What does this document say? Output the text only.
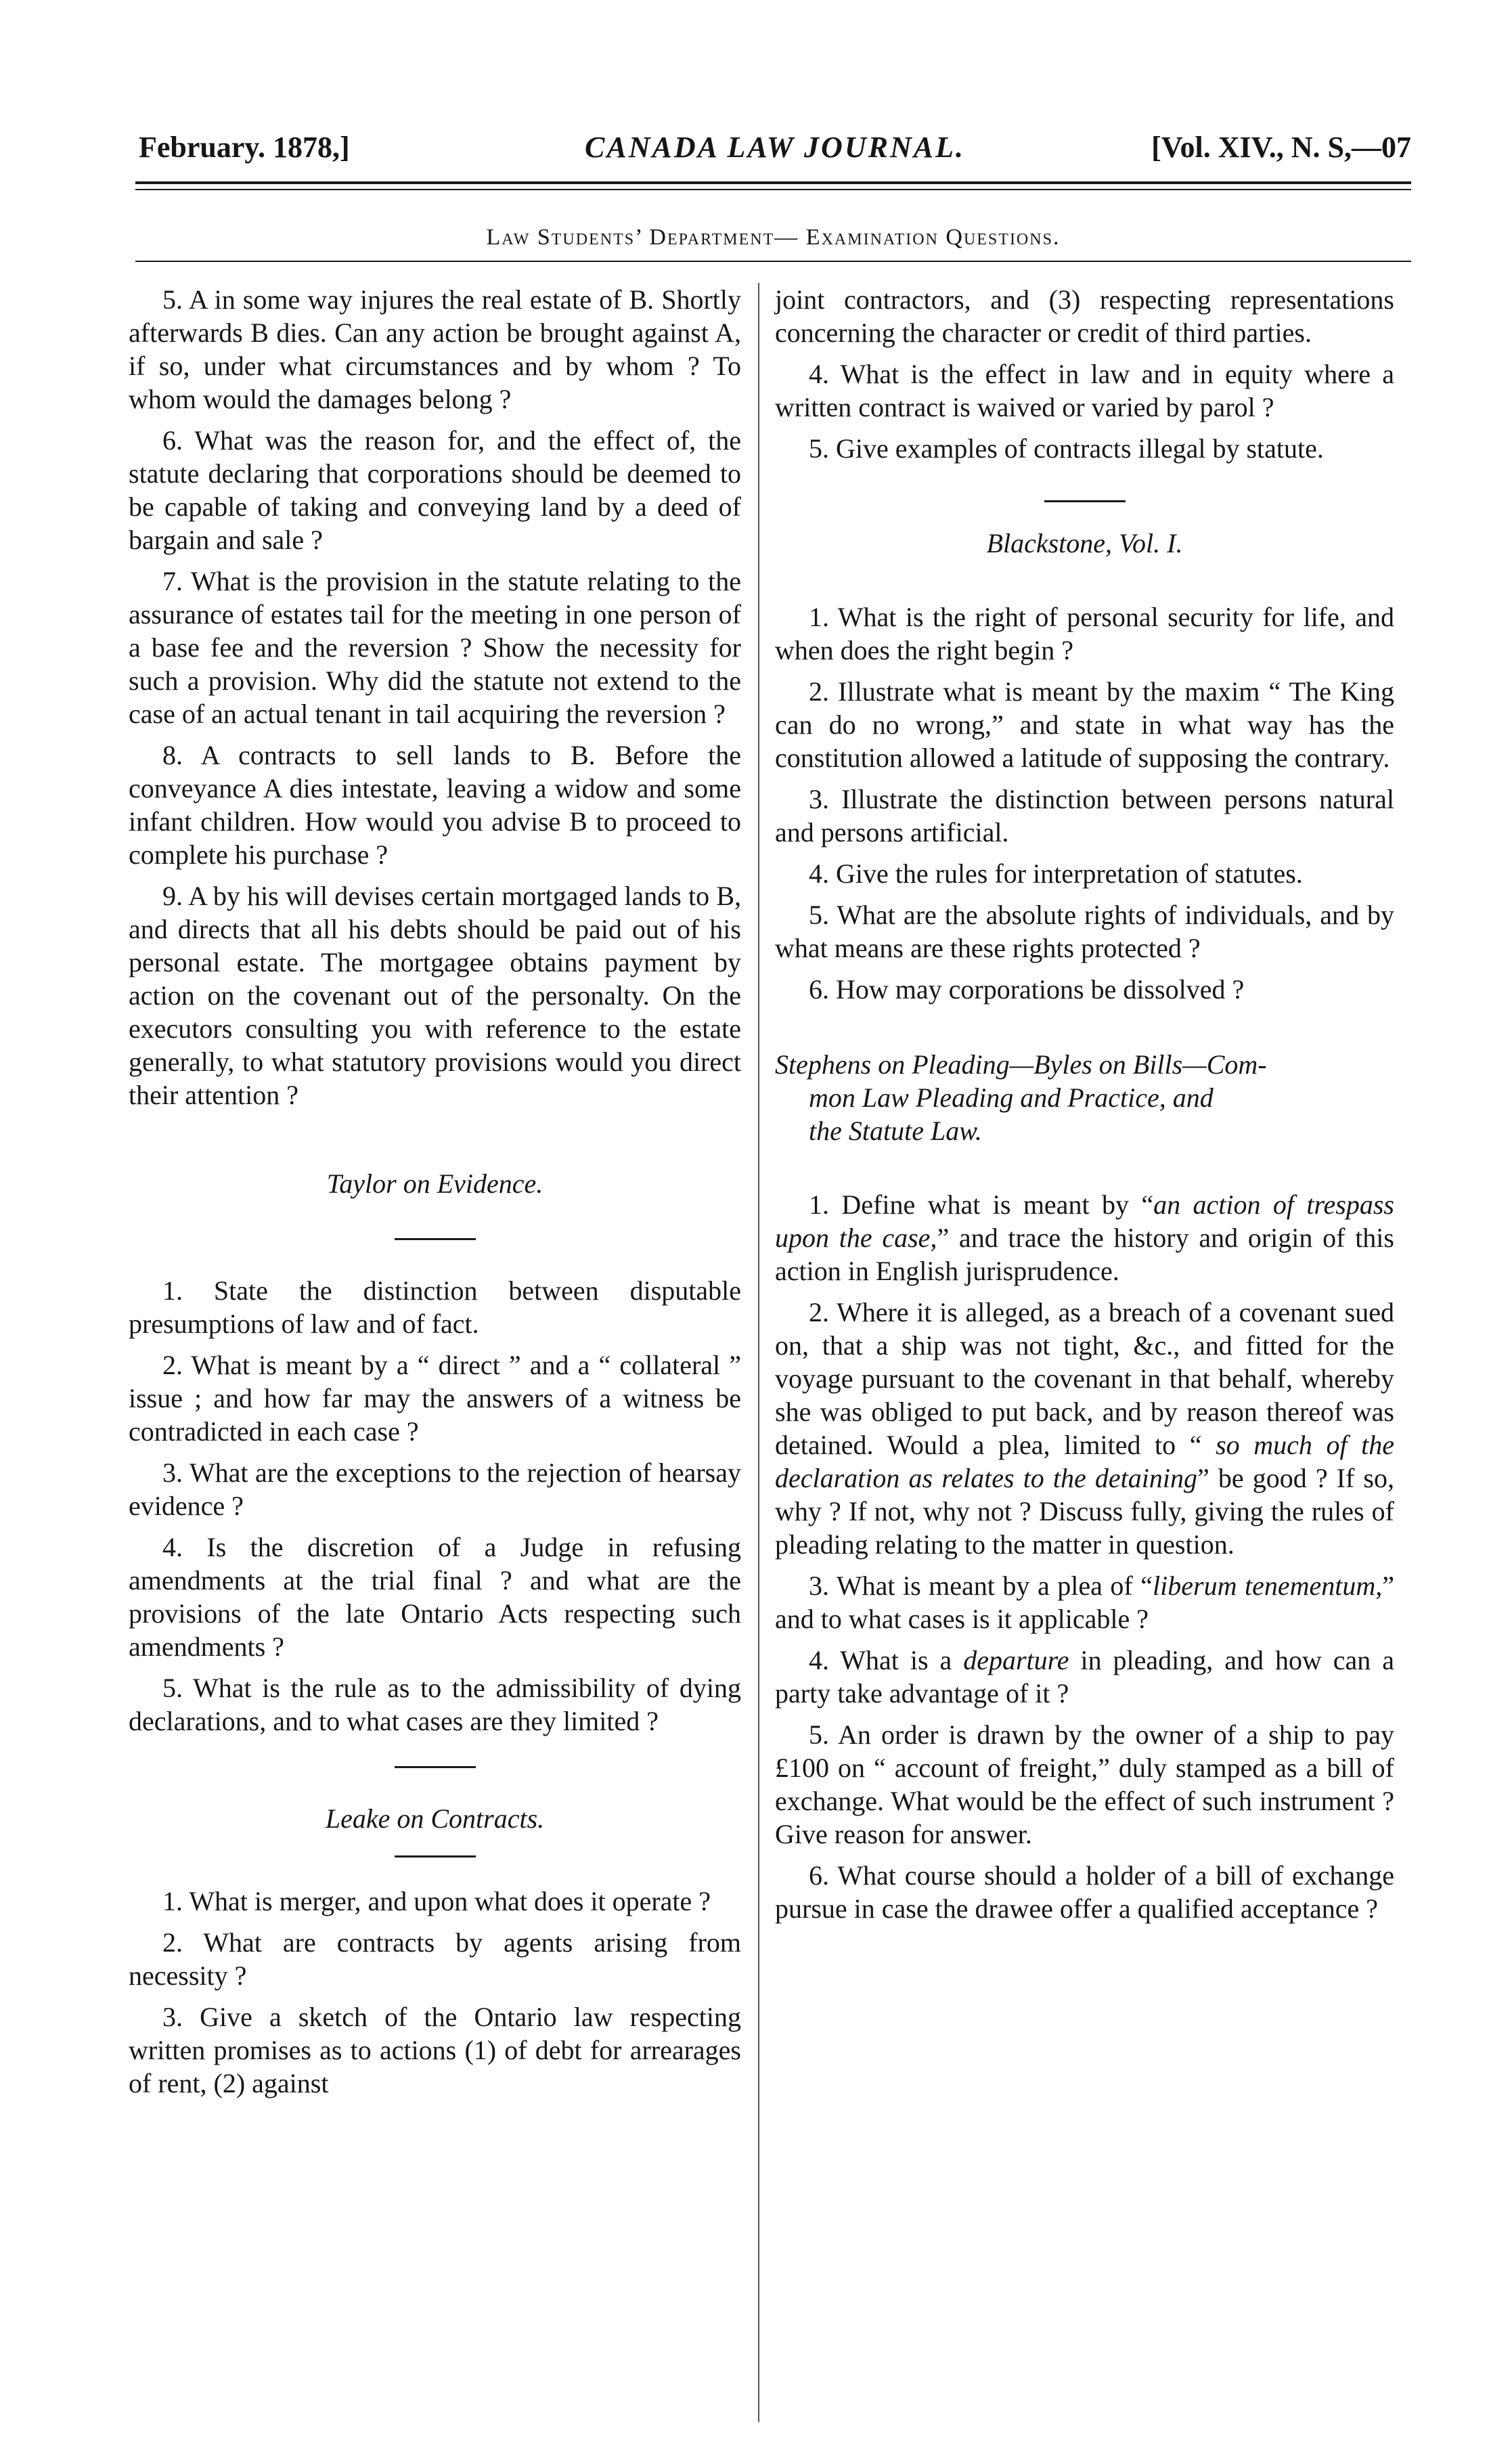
February. 1878,]	CANADA LAW JOURNAL.	[Vol. XIV., N. S,—07
Law Students’ Department— Examination Questions.

5. A in some way injures the real estate of B. Shortly afterwards B dies. Can any action be brought against A, if so, under what circumstances and by whom ? To whom would the damages belong ?

6. What was the reason for, and the effect of, the statute declaring that corporations should be deemed to be capable of taking and conveying land by a deed of bargain and sale ?

7. What is the provision in the statute relating to the assurance of estates tail for the meeting in one person of a base fee and the reversion ? Show the necessity for such a provision. Why did the statute not extend to the case of an actual tenant in tail acquiring the reversion ?

8. A contracts to sell lands to B. Before the conveyance A dies intestate, leaving a widow and some infant children. How would you advise B to proceed to complete his purchase ?

9. A by his will devises certain mortgaged lands to B, and directs that all his debts should be paid out of his personal estate. The mortgagee obtains payment by action on the covenant out of the personalty. On the executors consulting you with reference to the estate generally, to what statutory provisions would you direct their attention ?

Taylor on Evidence.

1. State the distinction between disputable presumptions of law and of fact.

2. What is meant by a “ direct ” and a “ collateral ” issue ; and how far may the answers of a witness be contradicted in each case ?

3. What are the exceptions to the rejection of hearsay evidence ?

4. Is the discretion of a Judge in refusing amendments at the trial final ? and what are the provisions of the late Ontario Acts respecting such amendments ?

5. What is the rule as to the admissibility of dying declarations, and to what cases are they limited ?

Leake on Contracts.

1. What is merger, and upon what does it operate ?

2. What are contracts by agents arising from necessity ?

3. Give a sketch of the Ontario law respecting written promises as to actions (1) of debt for arrearages of rent, (2) against

joint contractors, and (3) respecting representations concerning the character or credit of third parties.

4. What is the effect in law and in equity where a written contract is waived or varied by parol ?

5. Give examples of contracts illegal by statute.

Blackstone, Vol. I.

1. What is the right of personal security for life, and when does the right begin ?

2. Illustrate what is meant by the maxim “ The King can do no wrong,” and state in what way has the constitution allowed a latitude of supposing the contrary.

3. Illustrate the distinction between persons natural and persons artificial.

4. Give the rules for interpretation of statutes.

5. What are the absolute rights of individuals, and by what means are these rights protected ?

6. How may corporations be dissolved ?

Stephens on Pleading—Byles on Bills—Com-
mon Law Pleading and Practice, and
the Statute Law.

1. Define what is meant by “an action of trespass upon the case,” and trace the history and origin of this action in English jurisprudence.

2. Where it is alleged, as a breach of a covenant sued on, that a ship was not tight, &c., and fitted for the voyage pursuant to the covenant in that behalf, whereby she was obliged to put back, and by reason thereof was detained. Would a plea, limited to “ so much of the declaration as relates to the detaining” be good ? If so, why ? If not, why not ? Discuss fully, giving the rules of pleading relating to the matter in question.

3. What is meant by a plea of “liberum tenementum,” and to what cases is it applicable ?

4. What is a departure in pleading, and how can a party take advantage of it ?

5. An order is drawn by the owner of a ship to pay £100 on “ account of freight,” duly stamped as a bill of exchange. What would be the effect of such instrument ? Give reason for answer.

6. What course should a holder of a bill of exchange pursue in case the drawee offer a qualified acceptance ?
